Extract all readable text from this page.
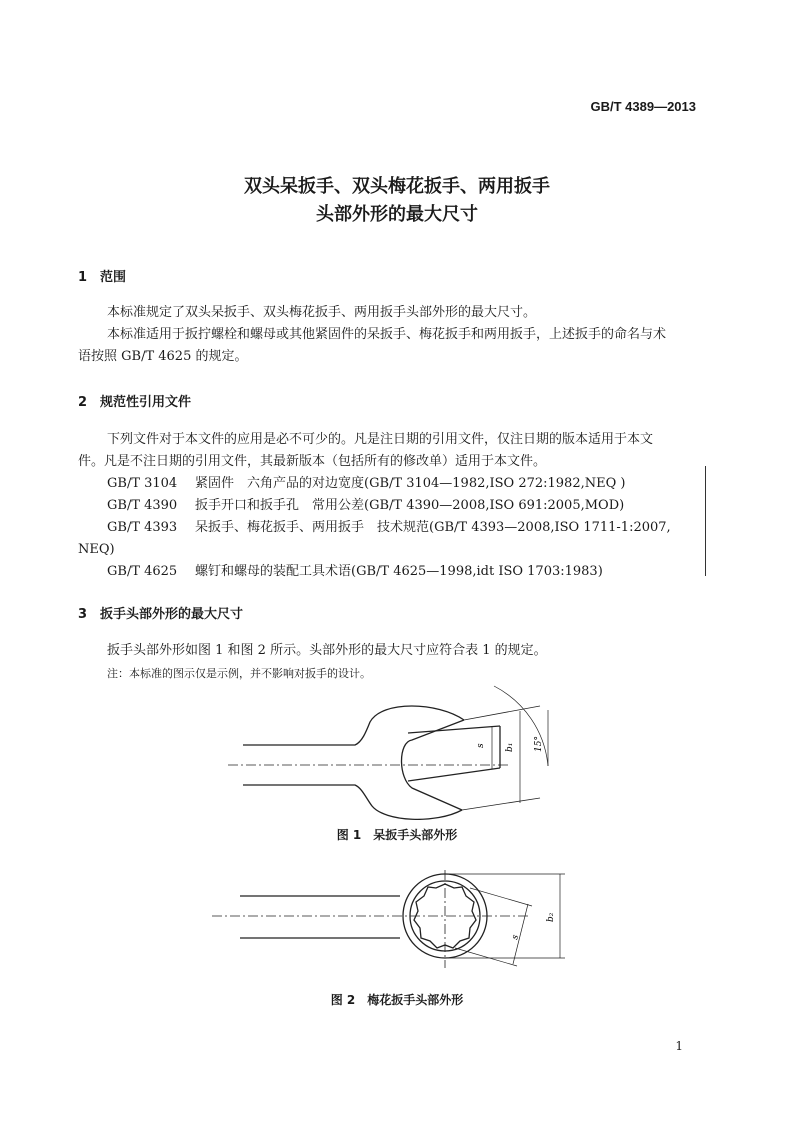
GB/T 4389—2013
双头呆扳手、双头梅花扳手、两用扳手
头部外形的最大尺寸
1　范围
本标准规定了双头呆扳手、双头梅花扳手、两用扳手头部外形的最大尺寸。
本标准适用于扳拧螺栓和螺母或其他紧固件的呆扳手、梅花扳手和两用扳手，上述扳手的命名与术
语按照 GB/T 4625 的规定。
2　规范性引用文件
下列文件对于本文件的应用是必不可少的。凡是注日期的引用文件，仅注日期的版本适用于本文
件。凡是不注日期的引用文件，其最新版本（包括所有的修改单）适用于本文件。
GB/T 3104 紧固件　六角产品的对边宽度(GB/T 3104—1982,ISO 272:1982,NEQ )
GB/T 4390 扳手开口和扳手孔　常用公差(GB/T 4390—2008,ISO 691:2005,MOD)
GB/T 4393 呆扳手、梅花扳手、两用扳手　技术规范(GB/T 4393—2008,ISO 1711-1:2007,
NEQ)
GB/T 4625 螺钉和螺母的装配工具术语(GB/T 4625—1998,idt ISO 1703:1983)
3　扳手头部外形的最大尺寸
扳手头部外形如图 1 和图 2 所示。头部外形的最大尺寸应符合表 1 的规定。
注：本标准的图示仅是示例，并不影响对扳手的设计。
s b₁ 15°
图 1　呆扳手头部外形
s
b₂
图 2　梅花扳手头部外形
1
